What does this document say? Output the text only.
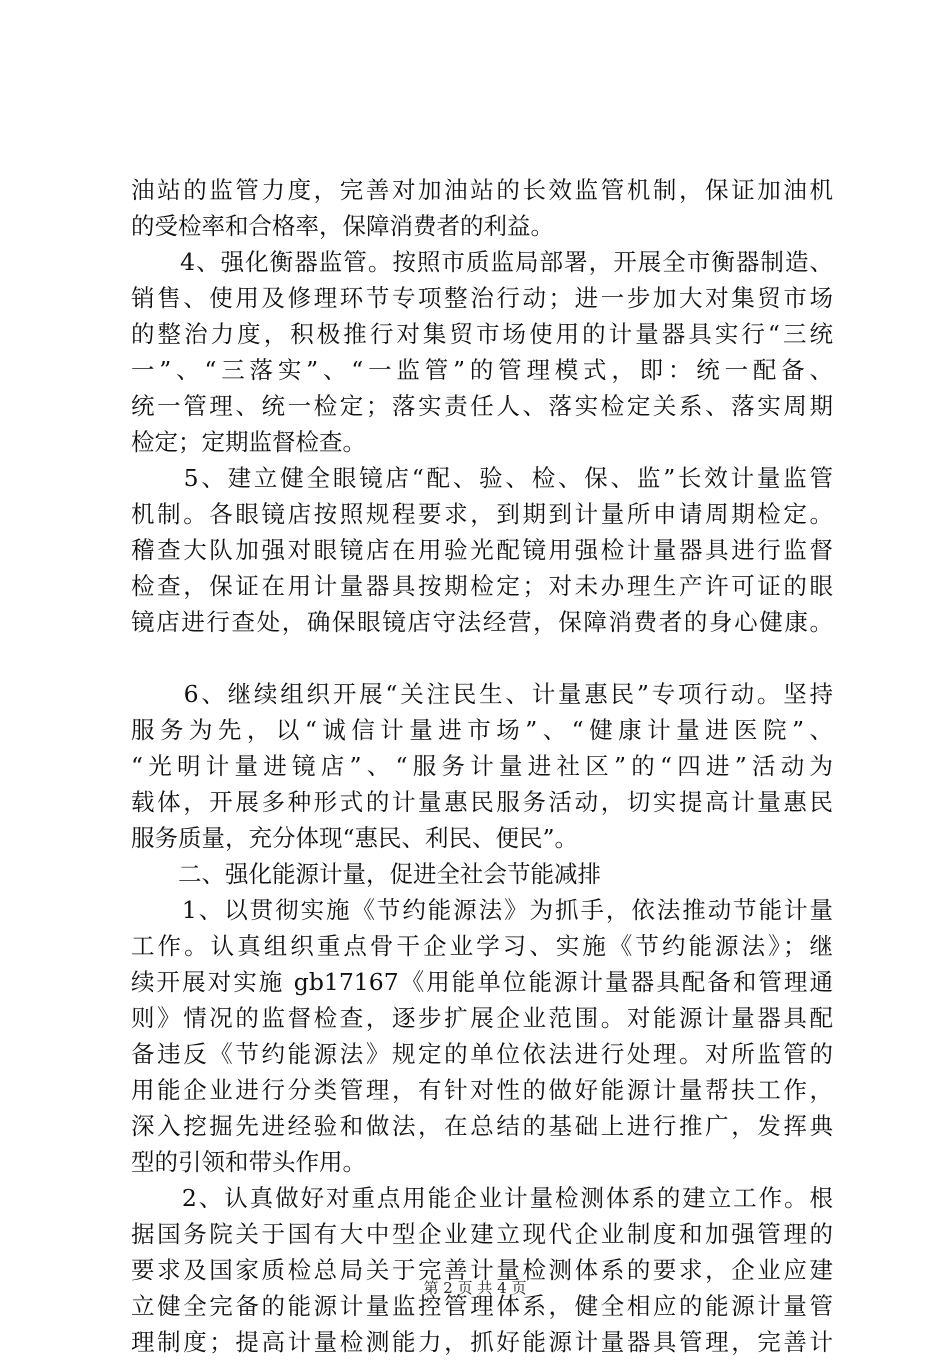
油站的监管力度，完善对加油站的长效监管机制，保证加油机
的受检率和合格率，保障消费者的利益。
　　4、强化衡器监管。按照市质监局部署，开展全市衡器制造、
销售、使用及修理环节专项整治行动；进一步加大对集贸市场
的整治力度，积极推行对集贸市场使用的计量器具实行“三统
一”、“三落实”、“一监管”的管理模式，即：统一配备、
统一管理、统一检定；落实责任人、落实检定关系、落实周期
检定；定期监督检查。
　　5、建立健全眼镜店“配、验、检、保、监”长效计量监管
机制。各眼镜店按照规程要求，到期到计量所申请周期检定。
稽查大队加强对眼镜店在用验光配镜用强检计量器具进行监督
检查，保证在用计量器具按期检定；对未办理生产许可证的眼
镜店进行查处，确保眼镜店守法经营，保障消费者的身心健康。
　　6、继续组织开展“关注民生、计量惠民”专项行动。坚持
服务为先，以“诚信计量进市场”、“健康计量进医院”、
“光明计量进镜店”、“服务计量进社区”的“四进”活动为
载体，开展多种形式的计量惠民服务活动，切实提高计量惠民
服务质量，充分体现“惠民、利民、便民”。
　　二、强化能源计量，促进全社会节能减排
　　1、以贯彻实施《节约能源法》为抓手，依法推动节能计量
工作。认真组织重点骨干企业学习、实施《节约能源法》；继
续开展对实施 gb17167《用能单位能源计量器具配备和管理通
则》情况的监督检查，逐步扩展企业范围。对能源计量器具配
备违反《节约能源法》规定的单位依法进行处理。对所监管的
用能企业进行分类管理，有针对性的做好能源计量帮扶工作，
深入挖掘先进经验和做法，在总结的基础上进行推广，发挥典
型的引领和带头作用。
　　2、认真做好对重点用能企业计量检测体系的建立工作。根
据国务院关于国有大中型企业建立现代企业制度和加强管理的
要求及国家质检总局关于完善计量检测体系的要求，企业应建
立健全完备的能源计量监控管理体系，健全相应的能源计量管
理制度；提高计量检测能力，抓好能源计量器具管理，完善计
第 2 页 共 4 页
